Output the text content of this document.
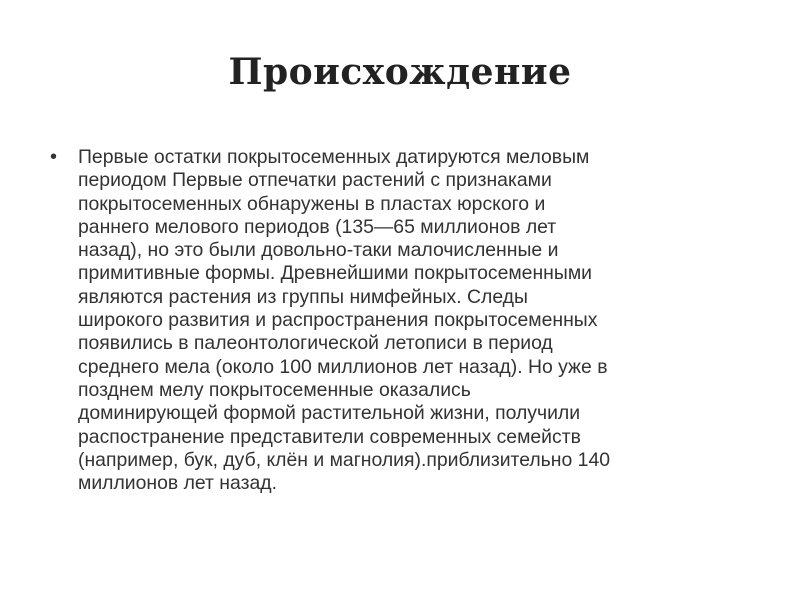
Происхождение
• Первые остатки покрытосеменных датируются меловым
периодом Первые отпечатки растений с признаками
покрытосеменных обнаружены в пластах юрского и
раннего мелового периодов (135—65 миллионов лет
назад), но это были довольно-таки малочисленные и
примитивные формы. Древнейшими покрытосеменными
являются растения из группы нимфейных. Следы
широкого развития и распространения покрытосеменных
появились в палеонтологической летописи в период
среднего мела (около 100 миллионов лет назад). Но уже в
позднем мелу покрытосеменные оказались
доминирующей формой растительной жизни, получили
распостранение представители современных семейств
(например, бук, дуб, клён и магнолия).приблизительно 140
миллионов лет назад.
